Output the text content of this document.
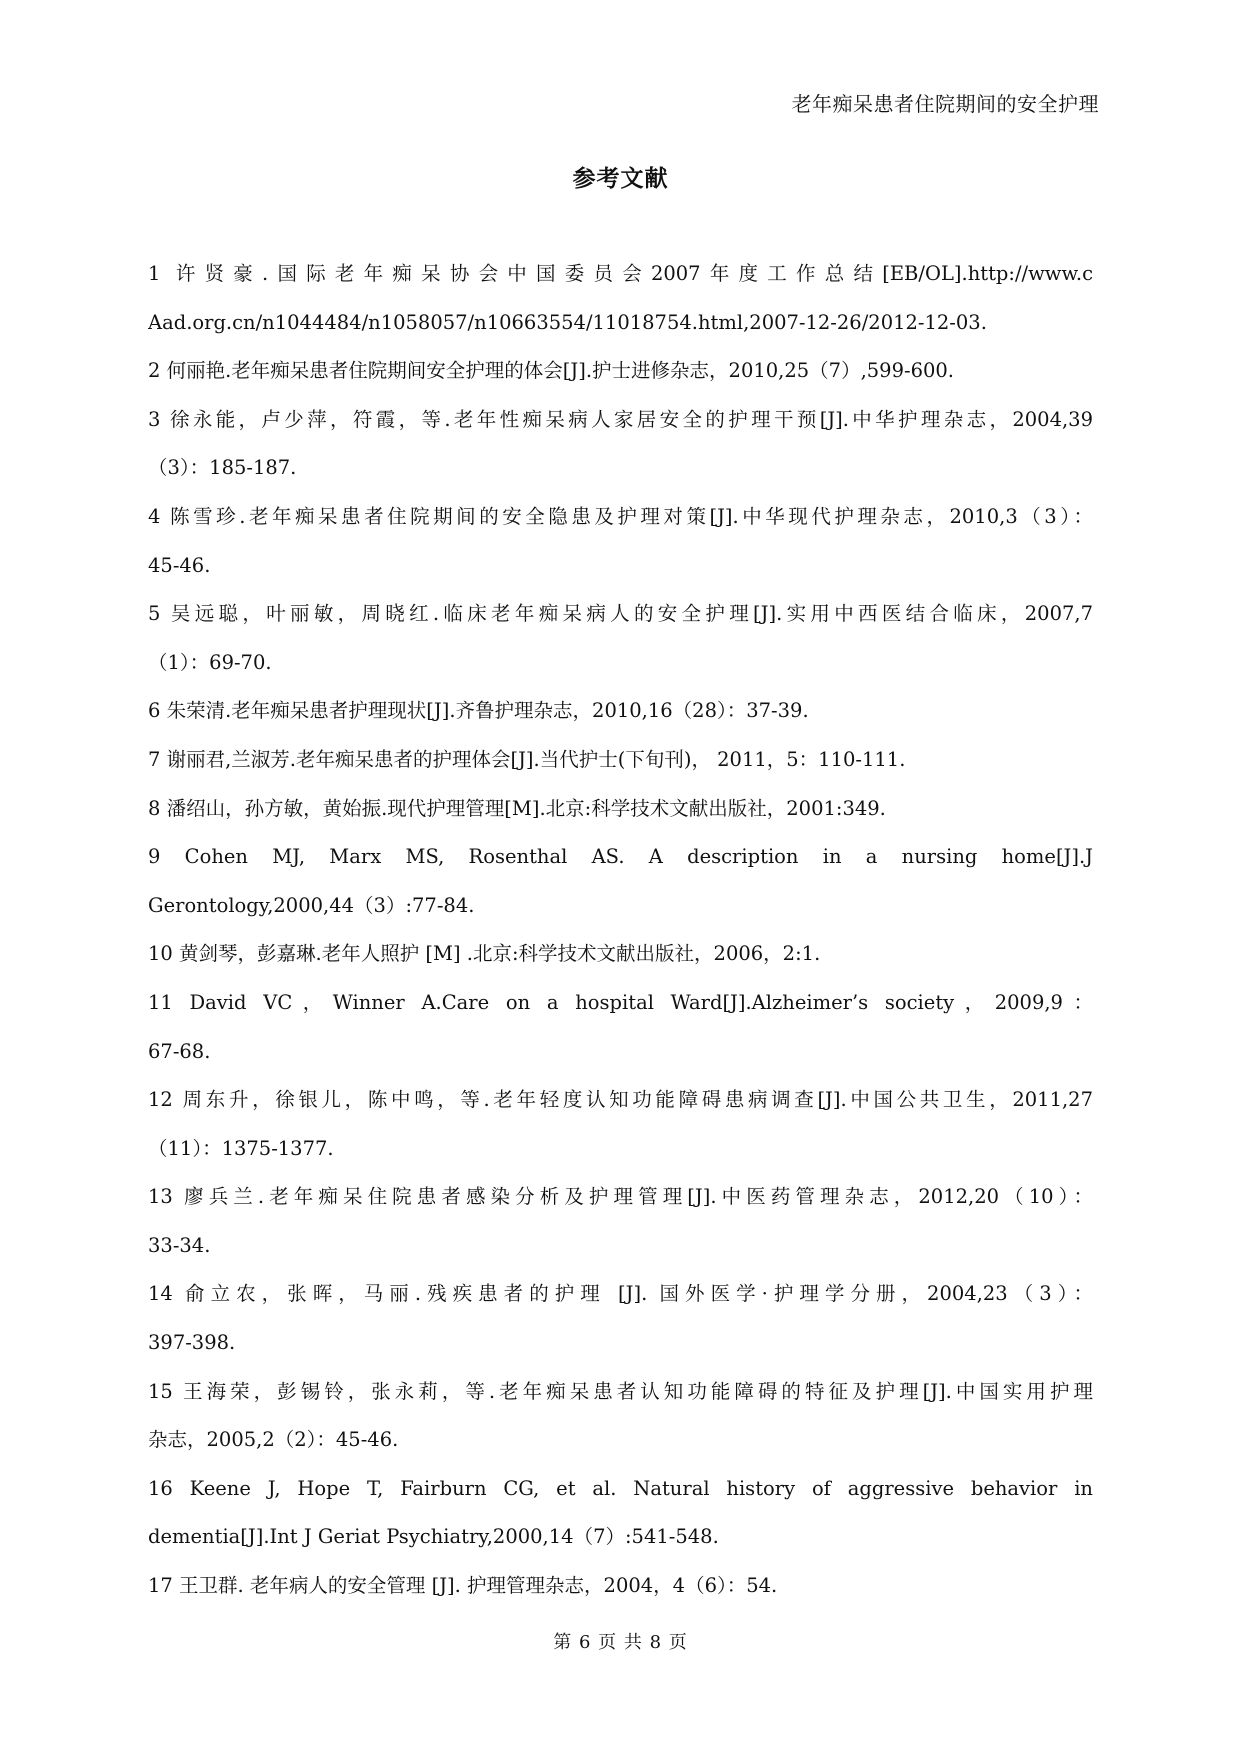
老年痴呆患者住院期间的安全护理
参考文献
1 许贤豪.国际老年痴呆协会中国委员会2007年度工作总结[EB/OL].http://www.c
Aad.org.cn/n1044484/n1058057/n10663554/11018754.html,2007-12-26/2012-12-03.
2 何丽艳.老年痴呆患者住院期间安全护理的体会[J].护士进修杂志，2010,25（7）,599-600.
3 徐永能，卢少萍，符霞，等.老年性痴呆病人家居安全的护理干预[J].中华护理杂志，2004,39
（3）：185-187.
4 陈雪珍.老年痴呆患者住院期间的安全隐患及护理对策[J].中华现代护理杂志，2010,3（3）：
45-46.
5 吴远聪，叶丽敏，周晓红.临床老年痴呆病人的安全护理[J].实用中西医结合临床，2007,7
（1）：69-70.
6 朱荣清.老年痴呆患者护理现状[J].齐鲁护理杂志，2010,16（28）：37-39.
7 谢丽君,兰淑芳.老年痴呆患者的护理体会[J].当代护士(下旬刊)， 2011，5：110-111.
8 潘绍山，孙方敏，黄始振.现代护理管理[M].北京:科学技术文献出版社，2001:349.
9 Cohen MJ, Marx MS, Rosenthal AS. A description in a nursing home[J].J
Gerontology,2000,44（3）:77-84.
10 黄剑琴，彭嘉琳.老年人照护 [M] .北京:科学技术文献出版社，2006，2:1.
11 David VC，Winner A.Care on a hospital Ward[J].Alzheimer’s society，2009,9：
67-68.
12 周东升，徐银儿，陈中鸣，等.老年轻度认知功能障碍患病调查[J].中国公共卫生，2011,27
（11）：1375-1377.
13 廖兵兰.老年痴呆住院患者感染分析及护理管理[J].中医药管理杂志，2012,20（10）：
33-34.
14 俞立农，张晖，马丽.残疾患者的护理 [J]. 国外医学·护理学分册，2004,23（3）：
397-398.
15 王海荣，彭锡铃，张永莉，等.老年痴呆患者认知功能障碍的特征及护理[J].中国实用护理
杂志，2005,2（2）：45-46.
16 Keene J, Hope T, Fairburn CG, et al. Natural history of aggressive behavior in
dementia[J].Int J Geriat Psychiatry,2000,14（7）:541-548.
17 王卫群. 老年病人的安全管理 [J]. 护理管理杂志，2004，4（6）：54.
第 6 页 共 8 页
